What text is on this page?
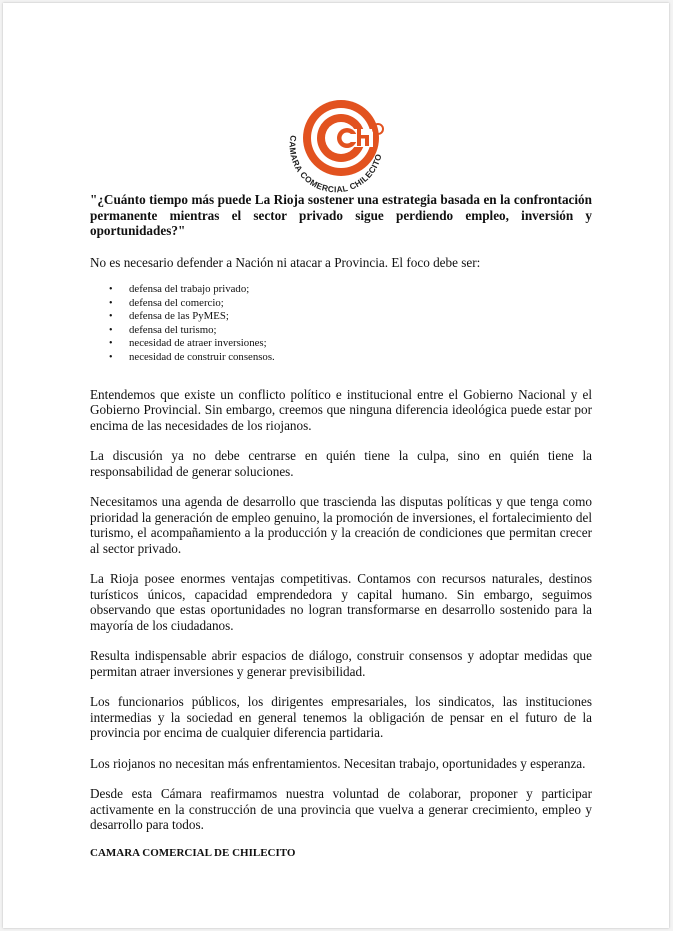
CAMARA COMERCIAL CHILECITO

"¿Cuánto tiempo más puede La Rioja sostener una estrategia basada en la confrontación permanente mientras el sector privado sigue perdiendo empleo, inversión y oportunidades?"

No es necesario defender a Nación ni atacar a Provincia. El foco debe ser:

• defensa del trabajo privado;
• defensa del comercio;
• defensa de las PyMES;
• defensa del turismo;
• necesidad de atraer inversiones;
• necesidad de construir consensos.

Entendemos que existe un conflicto político e institucional entre el Gobierno Nacional y el Gobierno Provincial. Sin embargo, creemos que ninguna diferencia ideológica puede estar por encima de las necesidades de los riojanos.

La discusión ya no debe centrarse en quién tiene la culpa, sino en quién tiene la responsabilidad de generar soluciones.

Necesitamos una agenda de desarrollo que trascienda las disputas políticas y que tenga como prioridad la generación de empleo genuino, la promoción de inversiones, el fortalecimiento del turismo, el acompañamiento a la producción y la creación de condiciones que permitan crecer al sector privado.

La Rioja posee enormes ventajas competitivas. Contamos con recursos naturales, destinos turísticos únicos, capacidad emprendedora y capital humano. Sin embargo, seguimos observando que estas oportunidades no logran transformarse en desarrollo sostenido para la mayoría de los ciudadanos.

Resulta indispensable abrir espacios de diálogo, construir consensos y adoptar medidas que permitan atraer inversiones y generar previsibilidad.

Los funcionarios públicos, los dirigentes empresariales, los sindicatos, las instituciones intermedias y la sociedad en general tenemos la obligación de pensar en el futuro de la provincia por encima de cualquier diferencia partidaria.

Los riojanos no necesitan más enfrentamientos. Necesitan trabajo, oportunidades y esperanza.

Desde esta Cámara reafirmamos nuestra voluntad de colaborar, proponer y participar activamente en la construcción de una provincia que vuelva a generar crecimiento, empleo y desarrollo para todos.

CAMARA COMERCIAL DE CHILECITO
